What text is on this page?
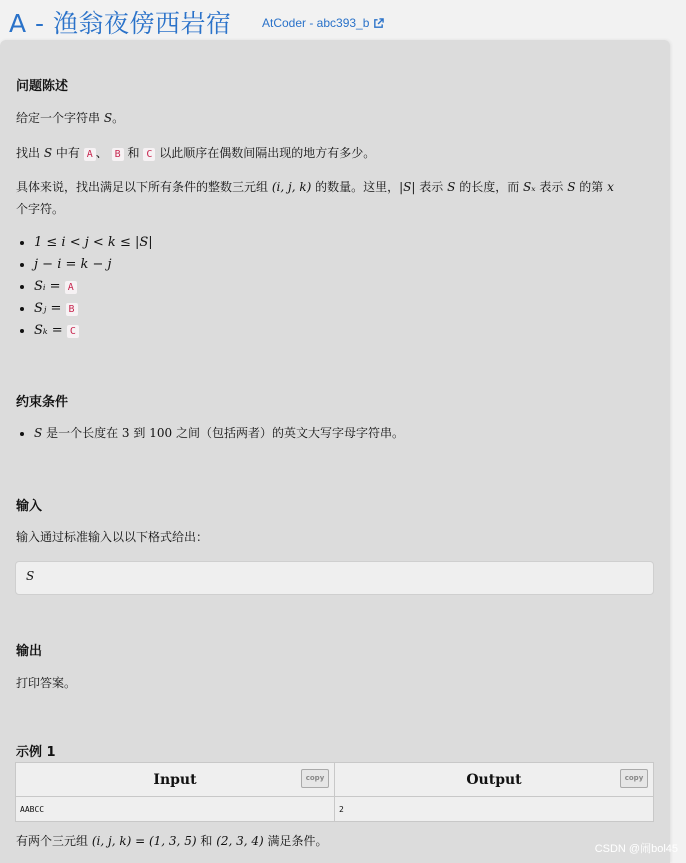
A - 渔翁夜傍西岩宿	AtCoder - abc393_b
问题陈述
给定一个字符串 S。
找出 S 中有 A 、 B 和 C 以此顺序在偶数间隔出现的地方有多少。
具体来说，找出满足以下所有条件的整数三元组 (i, j, k) 的数量。这里，|S| 表示 S 的长度，而 Sₓ 表示 S 的第 x
个字符。
• 1 ≤ i < j < k ≤ |S|
• j − i = k − j
• Sᵢ = A
• Sⱼ = B
• Sₖ = C
约束条件
• S 是一个长度在 3 到 100 之间（包括两者）的英文大写字母字符串。
输入
输入通过标准输入以以下格式给出：
S
输出
打印答案。
示例 1
Input copy	Output copy

AABCC	2
有两个三元组 (i, j, k) = (1, 3, 5) 和 (2, 3, 4) 满足条件。
CSDN @闹bol45
